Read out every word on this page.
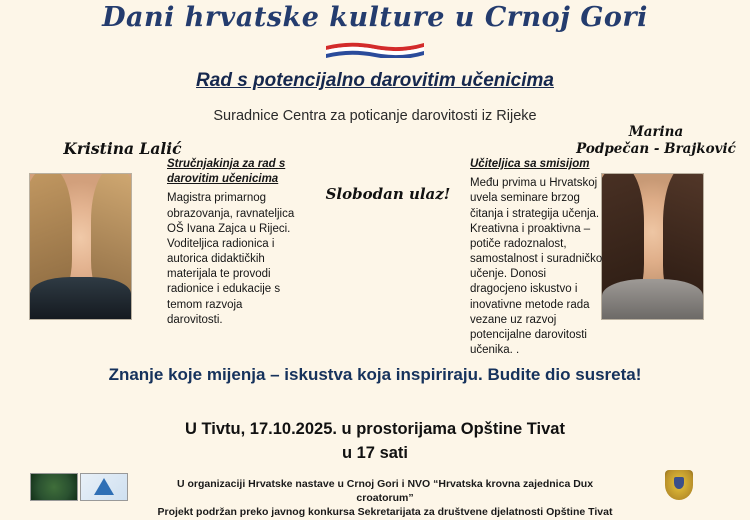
Dani hrvatske kulture u Crnoj Gori
Rad s potencijalno darovitim učenicima
Suradnice Centra za poticanje darovitosti iz Rijeke
Kristina Lalić
Marina
Podpečan - Brajković
Stručnjakinja za rad s darovitim učenicima
Magistra primarnog obrazovanja, ravnateljica OŠ Ivana Zajca u Rijeci. Voditeljica radionica i autorica didaktičkih materijala te provodi radionice i edukacije s temom razvoja darovitosti.
Učiteljica sa smisijom
Među prvima u Hrvatskoj uvela seminare brzog čitanja i strategija učenja. Kreativna i proaktivna – potiče radoznalost, samostalnost i suradničko učenje. Donosi dragocjeno iskustvo i inovativne metode rada vezane uz razvoj potencijalne darovitosti učenika. .
Slobodan ulaz!
Znanje koje mijenja – iskustva koja inspiriraju. Budite dio susreta!
U Tivtu, 17.10.2025. u prostorijama Opštine Tivat
u 17 sati
U organizaciji Hrvatske nastave u Crnoj Gori i NVO “Hrvatska krovna zajednica Dux croatorum”
Projekt podržan preko javnog konkursa Sekretarijata za društvene djelatnosti Opštine Tivat
